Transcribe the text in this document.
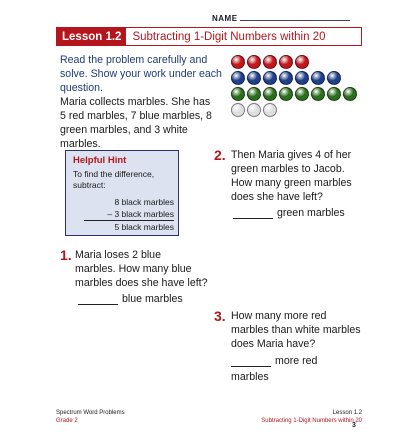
NAME
Lesson 1.2 Subtracting 1-Digit Numbers within 20
Read the problem carefully and
solve. Show your work under each
question.
Maria collects marbles. She has
5 red marbles, 7 blue marbles, 8
green marbles, and 3 white marbles.
Helpful Hint
To find the difference,
subtract:
8 black marbles
– 3 black marbles
5 black marbles
1. Maria loses 2 blue
marbles. How many blue
marbles does she have left?
blue marbles
2. Then Maria gives 4 of her
green marbles to Jacob.
How many green marbles
does she have left?
green marbles
3. How many more red
marbles than white marbles
does Maria have?
more red
marbles
Spectrum Word Problems
Grade 2
Lesson 1.2
Subtracting 1-Digit Numbers within 20
3
